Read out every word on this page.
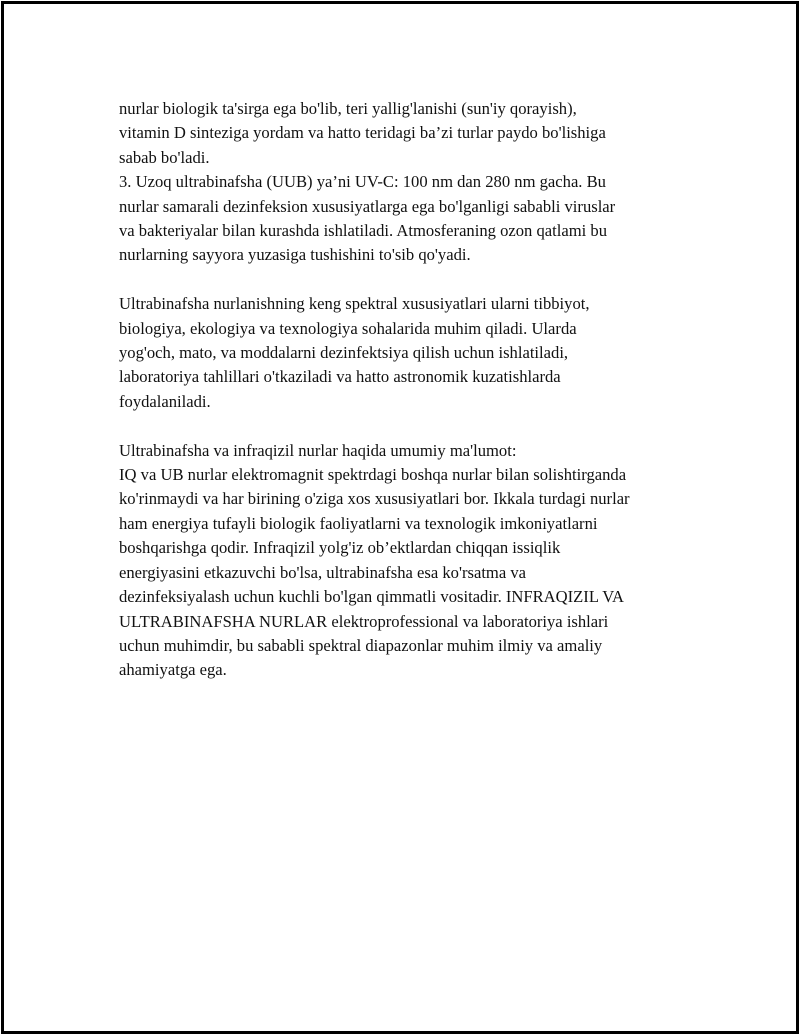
nurlar biologik ta'sirga ega bo'lib, teri yallig'lanishi (sun'iy qorayish),
vitamin D sinteziga yordam va hatto teridagi ba’zi turlar paydo bo'lishiga
sabab bo'ladi.
3. Uzoq ultrabinafsha (UUB) ya’ni UV-C: 100 nm dan 280 nm gacha. Bu
nurlar samarali dezinfeksion xususiyatlarga ega bo'lganligi sababli viruslar
va bakteriyalar bilan kurashda ishlatiladi. Atmosferaning ozon qatlami bu
nurlarning sayyora yuzasiga tushishini to'sib qo'yadi.

Ultrabinafsha nurlanishning keng spektral xususiyatlari ularni tibbiyot,
biologiya, ekologiya va texnologiya sohalarida muhim qiladi. Ularda
yog'och, mato, va moddalarni dezinfektsiya qilish uchun ishlatiladi,
laboratoriya tahlillari o'tkaziladi va hatto astronomik kuzatishlarda
foydalaniladi.

Ultrabinafsha va infraqizil nurlar haqida umumiy ma'lumot:
IQ va UB nurlar elektromagnit spektrdagi boshqa nurlar bilan solishtirganda
ko'rinmaydi va har birining o'ziga xos xususiyatlari bor. Ikkala turdagi nurlar
ham energiya tufayli biologik faoliyatlarni va texnologik imkoniyatlarni
boshqarishga qodir. Infraqizil yolg'iz ob’ektlardan chiqqan issiqlik
energiyasini etkazuvchi bo'lsa, ultrabinafsha esa ko'rsatma va
dezinfeksiyalash uchun kuchli bo'lgan qimmatli vositadir. INFRAQIZIL VA
ULTRABINAFSHA NURLAR elektroprofessional va laboratoriya ishlari
uchun muhimdir, bu sababli spektral diapazonlar muhim ilmiy va amaliy
ahamiyatga ega.
